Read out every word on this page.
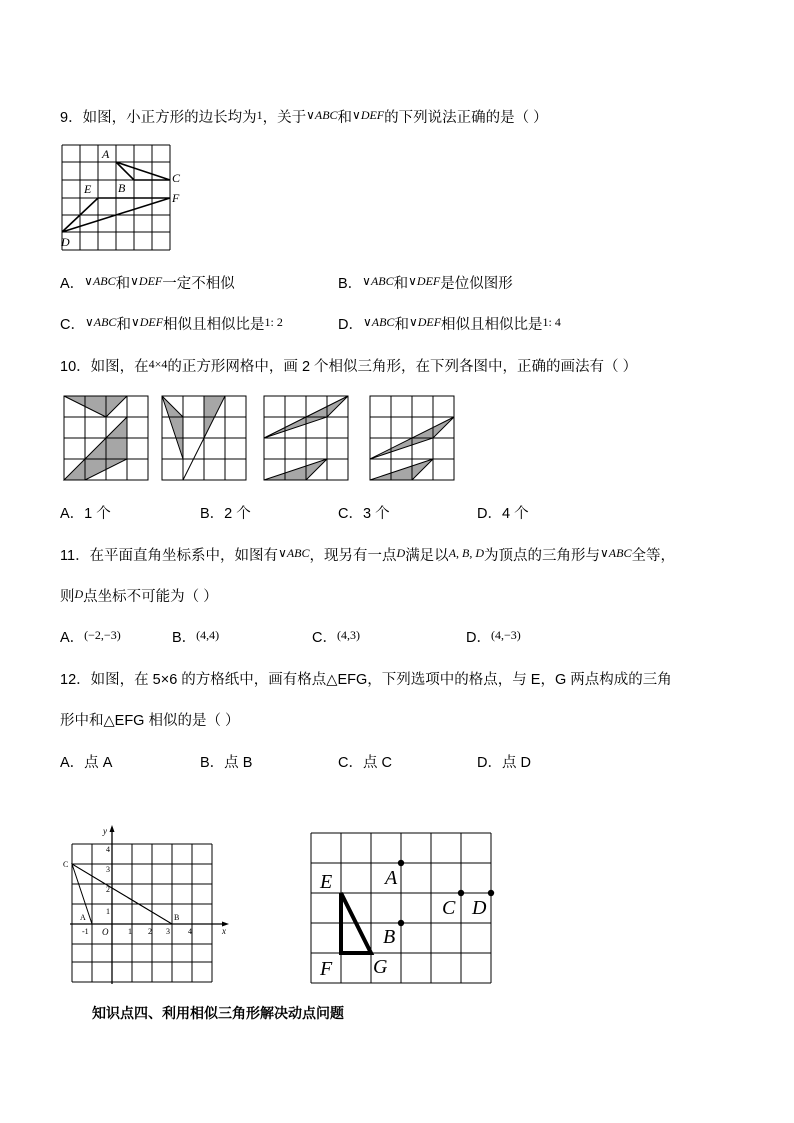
9．如图，小正方形的边长均为$^1$，关于$^{\vee ABC}$和$^{\vee DEF}$的下列说法正确的是（ ）
A
B
C
F
E
D
A．$^{\vee ABC}$和$^{\vee DEF}$一定不相似	B．$^{\vee ABC}$和$^{\vee DEF}$是位似图形
C．$^{\vee ABC}$和$^{\vee DEF}$相似且相似比是$^{1: 2}$	D．$^{\vee ABC}$和$^{\vee DEF}$相似且相似比是$^{1: 4}$
10．如图，在$^{4\times 4}$的正方形网格中，画 2 个相似三角形，在下列各图中，正确的画法有（ ）
A．1 个	B．2 个	C．3 个	D．4 个
11．在平面直角坐标系中，如图有$^{\vee ABC}$，现另有一点$^D$满足以$^{A, B, D}$为顶点的三角形与$^{\vee ABC}$全等，
则$^D$点坐标不可能为（ ）
A．$^{(-2,-3)}$	B．$^{(4,4)}$	C．$^{(4,3)}$	D．$^{(4,-3)}$
12．如图，在 5×6 的方格纸中，画有格点△EFG，下列选项中的格点，与 E，G 两点构成的三角
形中和△EFG 相似的是（ ）
A．点 A	B．点 B	C．点 C	D．点 D
y
x
O
C
A	B
-1	1 2 3 4
4
3
2
1
E
F G
A
B
C D
知识点四、利用相似三角形解决动点问题
